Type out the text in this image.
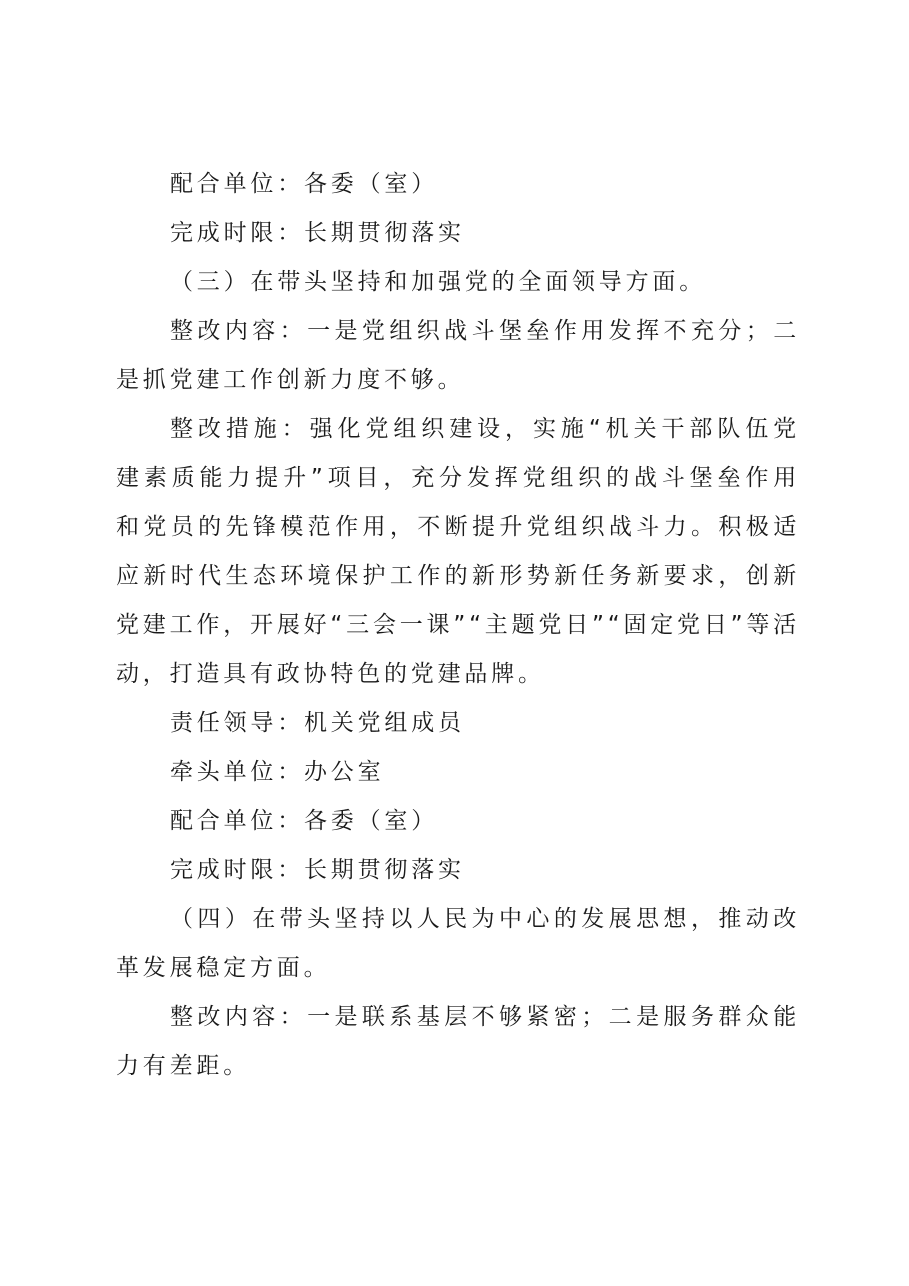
配合单位：各委（室）

完成时限：长期贯彻落实

（三）在带头坚持和加强党的全面领导方面。

整改内容：一是党组织战斗堡垒作用发挥不充分；二是抓党建工作创新力度不够。

整改措施：强化党组织建设，实施“机关干部队伍党建素质能力提升”项目，充分发挥党组织的战斗堡垒作用和党员的先锋模范作用，不断提升党组织战斗力。积极适应新时代生态环境保护工作的新形势新任务新要求，创新党建工作，开展好“三会一课”“主题党日”“固定党日”等活动，打造具有政协特色的党建品牌。

责任领导：机关党组成员

牵头单位：办公室

配合单位：各委（室）

完成时限：长期贯彻落实

（四）在带头坚持以人民为中心的发展思想，推动改革发展稳定方面。

整改内容：一是联系基层不够紧密；二是服务群众能力有差距。
